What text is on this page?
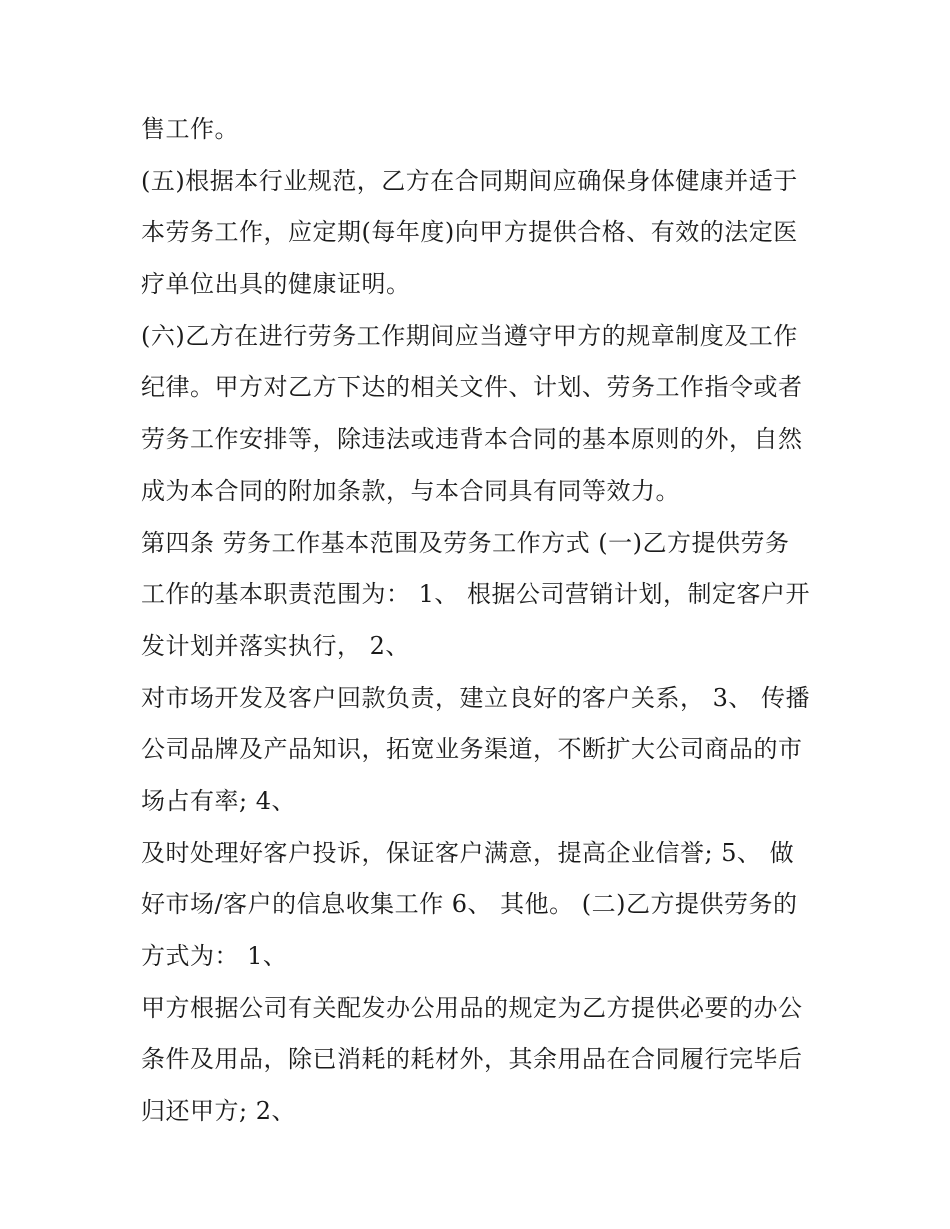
售工作。
(五)根据本行业规范，乙方在合同期间应确保身体健康并适于
本劳务工作，应定期(每年度)向甲方提供合格、有效的法定医
疗单位出具的健康证明。
(六)乙方在进行劳务工作期间应当遵守甲方的规章制度及工作
纪律。甲方对乙方下达的相关文件、计划、劳务工作指令或者
劳务工作安排等，除违法或违背本合同的基本原则的外，自然
成为本合同的附加条款，与本合同具有同等效力。
第四条 劳务工作基本范围及劳务工作方式 (一)乙方提供劳务
工作的基本职责范围为： 1、 根据公司营销计划，制定客户开
发计划并落实执行， 2、
对市场开发及客户回款负责，建立良好的客户关系， 3、 传播
公司品牌及产品知识，拓宽业务渠道，不断扩大公司商品的市
场占有率; 4、
及时处理好客户投诉，保证客户满意，提高企业信誉; 5、 做
好市场/客户的信息收集工作 6、 其他。 (二)乙方提供劳务的
方式为： 1、
甲方根据公司有关配发办公用品的规定为乙方提供必要的办公
条件及用品，除已消耗的耗材外，其余用品在合同履行完毕后
归还甲方; 2、
